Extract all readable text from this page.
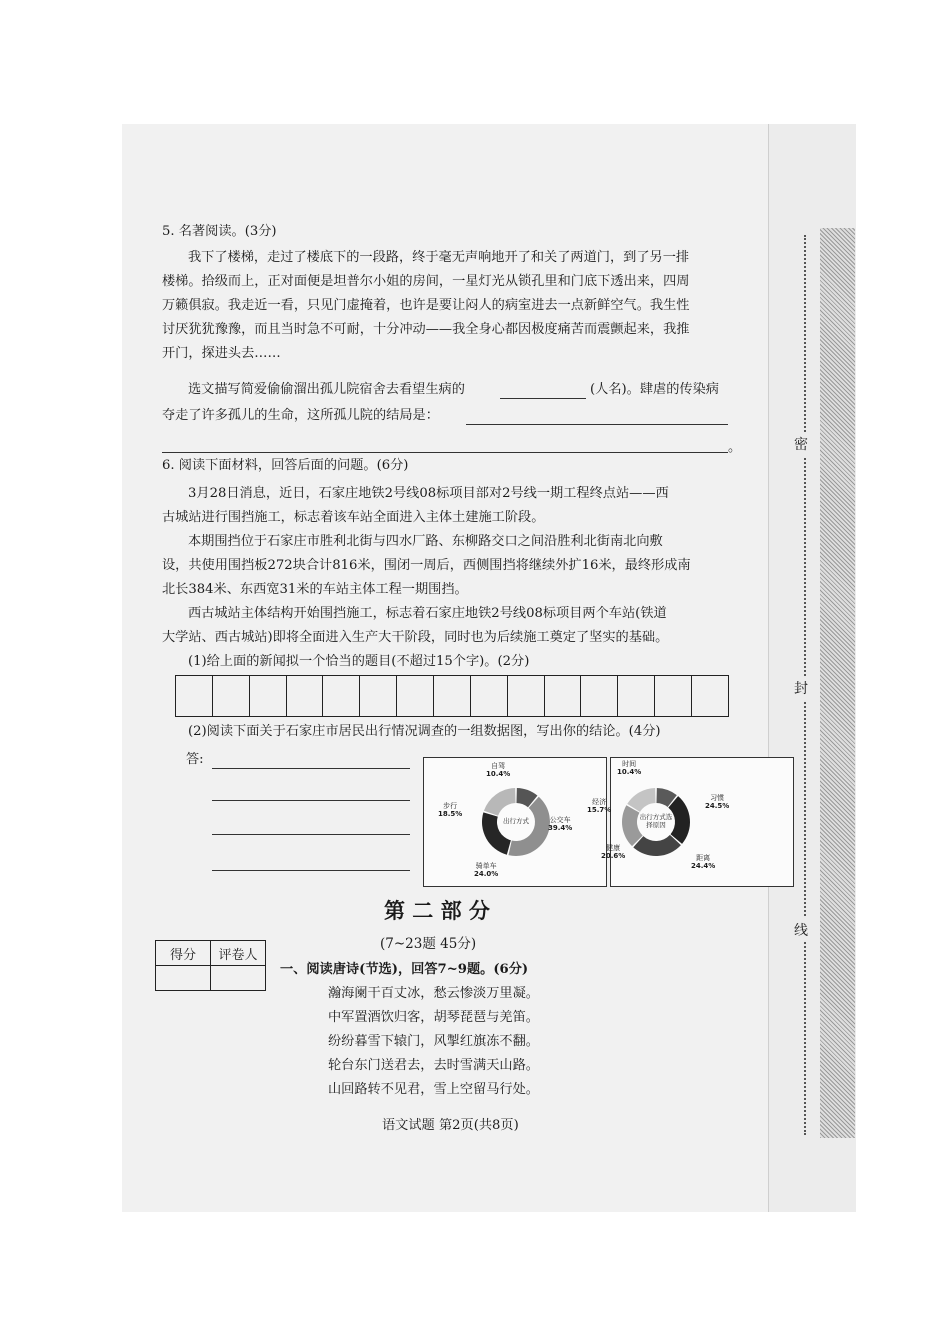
密
封
线
5. 名著阅读。(3分)
我下了楼梯，走过了楼底下的一段路，终于毫无声响地开了和关了两道门，到了另一排
楼梯。拾级而上，正对面便是坦普尔小姐的房间，一星灯光从锁孔里和门底下透出来，四周
万籁俱寂。我走近一看，只见门虚掩着，也许是要让闷人的病室进去一点新鲜空气。我生性
讨厌犹犹豫豫，而且当时急不可耐，十分冲动——我全身心都因极度痛苦而震颤起来，我推
开门，探进头去……
选文描写简爱偷偷溜出孤儿院宿舍去看望生病的	(人名)。肆虐的传染病
夺走了许多孤儿的生命，这所孤儿院的结局是：
。
6. 阅读下面材料，回答后面的问题。(6分)
3月28日消息，近日，石家庄地铁2号线08标项目部对2号线一期工程终点站——西
古城站进行围挡施工，标志着该车站全面进入主体土建施工阶段。
本期围挡位于石家庄市胜利北街与四水厂路、东柳路交口之间沿胜利北街南北向敷
设，共使用围挡板272块合计816米，围闭一周后，西侧围挡将继续外扩16米，最终形成南
北长384米、东西宽31米的车站主体工程一期围挡。
西古城站主体结构开始围挡施工，标志着石家庄地铁2号线08标项目两个车站(铁道
大学站、西古城站)即将全面进入生产大干阶段，同时也为后续施工奠定了坚实的基础。
(1)给上面的新闻拟一个恰当的题目(不超过15个字)。(2分)
(2)阅读下面关于石家庄市居民出行情况调查的一组数据图，写出你的结论。(4分)
答:	自驾
10.4%
公交车
39.4%
骑单车
24.0%
步行
18.5%
出行方式
时间
10.4%
习惯
24.5%
距离
24.4%
健康
20.6%
经济
15.7%
出行方式选择原因
第 二 部 分
(7~23题 45分)
得分	评卷人

一、阅读唐诗(节选)，回答7~9题。(6分)
瀚海阑干百丈冰，愁云惨淡万里凝。
中军置酒饮归客，胡琴琵琶与羌笛。
纷纷暮雪下辕门，风掣红旗冻不翻。
轮台东门送君去，去时雪满天山路。
山回路转不见君，雪上空留马行处。
语文试题 第2页(共8页)
